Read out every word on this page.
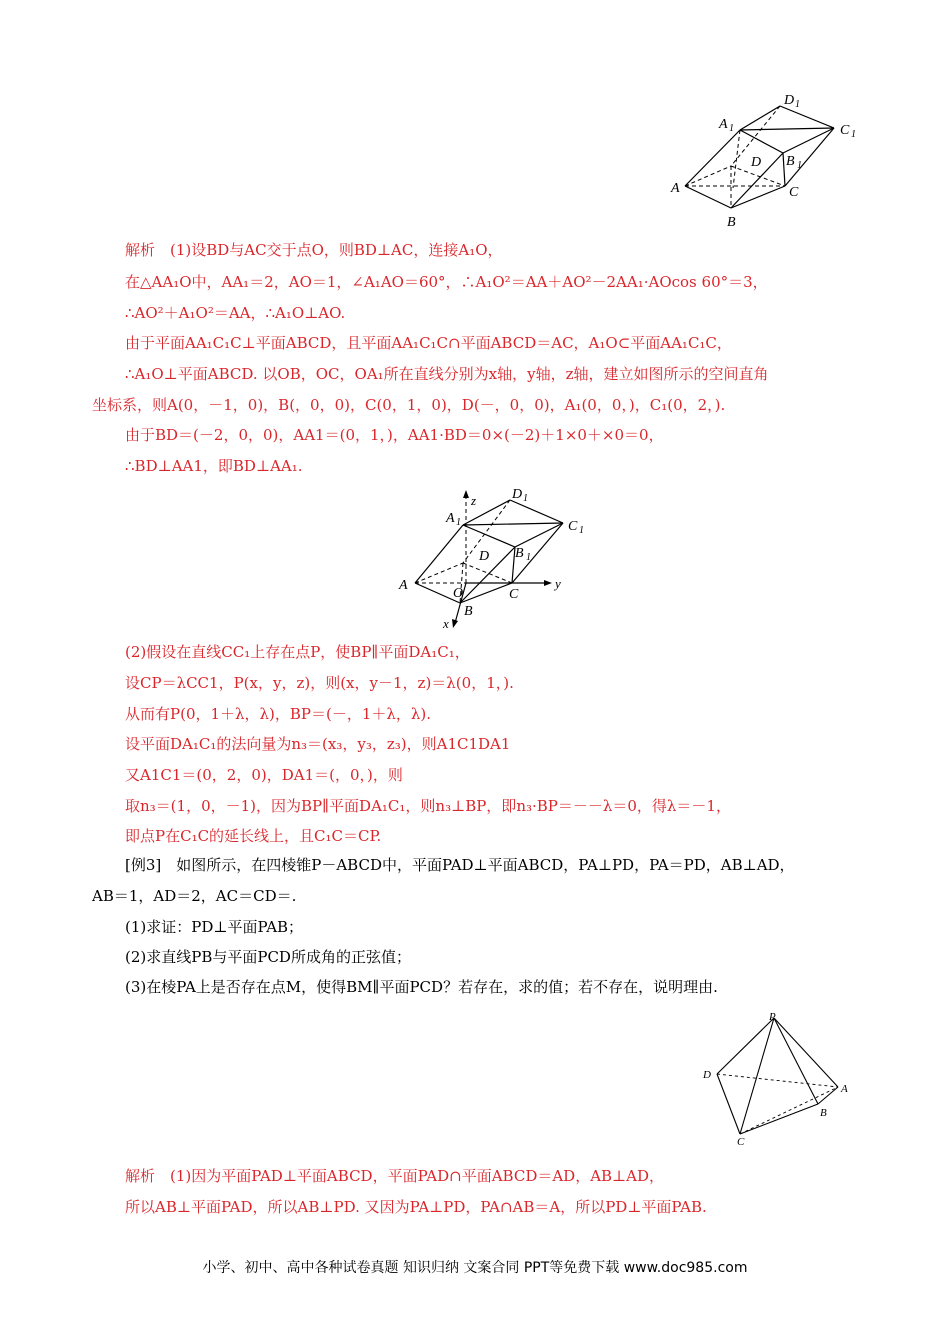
A 1
D 1
C 1
D B 1
A	C
B
解析　(1)设BD与AC交于点O，则BD⊥AC，连接A₁O，
在△AA₁O中，AA₁＝2，AO＝1，∠A₁AO＝60°，∴A₁O²＝AA＋AO²－2AA₁·AOcos 60°＝3，
∴AO²＋A₁O²＝AA，∴A₁O⊥AO.
由于平面AA₁C₁C⊥平面ABCD，且平面AA₁C₁C∩平面ABCD＝AC，A₁O⊂平面AA₁C₁C，
∴A₁O⊥平面ABCD. 以OB，OC，OA₁所在直线分别为x轴，y轴，z轴，建立如图所示的空间直角
坐标系，则A(0，－1，0)，B(，0，0)，C(0，1，0)，D(－，0，0)，A₁(0，0，)，C₁(0，2，).
由于BD＝(－2，0，0)，AA1＝(0，1，)，AA1·BD＝0×(－2)＋1×0＋×0＝0，
∴BD⊥AA1，即BD⊥AA₁.
z
A 1
D 1
C 1
D B 1
A
O	C
y
B
x
(2)假设在直线CC₁上存在点P，使BP∥平面DA₁C₁，
设CP＝λCC1，P(x，y，z)，则(x，y－1，z)＝λ(0，1，).
从而有P(0，1＋λ，λ)，BP＝(－，1＋λ，λ).
设平面DA₁C₁的法向量为n₃＝(x₃，y₃，z₃)，则A1C1DA1
又A1C1＝(0，2，0)，DA1＝(，0，)，则
取n₃＝(1，0，－1)，因为BP∥平面DA₁C₁，则n₃⊥BP，即n₃·BP＝－－λ＝0，得λ＝－1，
即点P在C₁C的延长线上，且C₁C＝CP.
[例3]　如图所示，在四棱锥P－ABCD中，平面PAD⊥平面ABCD，PA⊥PD，PA＝PD，AB⊥AD，
AB＝1，AD＝2，AC＝CD＝.
(1)求证：PD⊥平面PAB；
(2)求直线PB与平面PCD所成角的正弦值；
(3)在棱PA上是否存在点M，使得BM∥平面PCD？若存在，求的值；若不存在，说明理由.
P
D
A
B
C
解析　(1)因为平面PAD⊥平面ABCD，平面PAD∩平面ABCD＝AD，AB⊥AD，
所以AB⊥平面PAD，所以AB⊥PD. 又因为PA⊥PD，PA∩AB＝A，所以PD⊥平面PAB.
小学、初中、高中各种试卷真题 知识归纳 文案合同 PPT等免费下载 www.doc985.com
